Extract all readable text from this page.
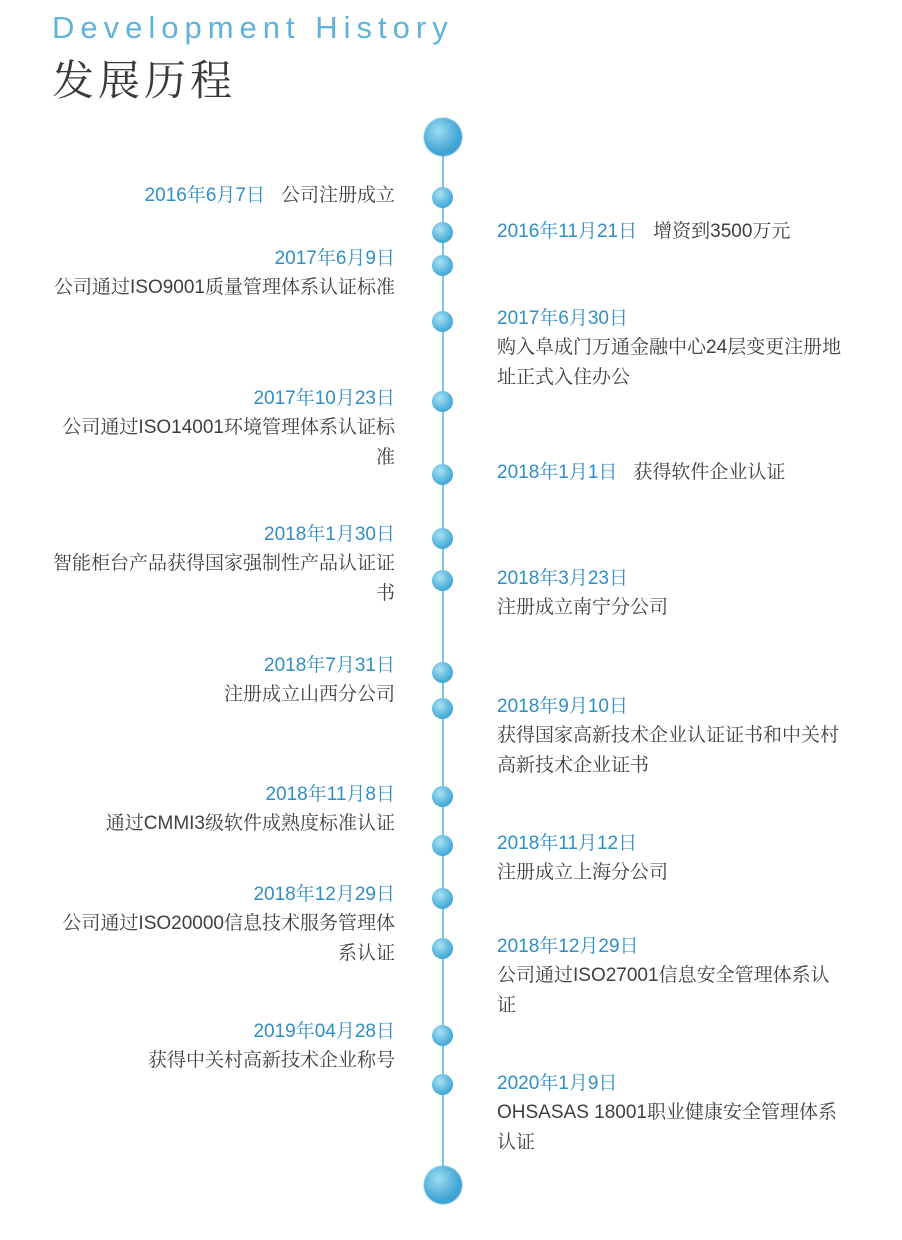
Development History
发展历程
2016年6月7日 公司注册成立
2017年6月9日
公司通过ISO9001质量管理体系认证标准
2017年10月23日
公司通过ISO14001环境管理体系认证标准
2018年1月30日
智能柜台产品获得国家强制性产品认证证书
2018年7月31日
注册成立山西分公司
2018年11月8日
通过CMMI3级软件成熟度标准认证
2018年12月29日
公司通过ISO20000信息技术服务管理体系认证
2019年04月28日
获得中关村高新技术企业称号
2016年11月21日 增资到3500万元
2017年6月30日
购入阜成门万通金融中心24层变更注册地址正式入住办公
2018年1月1日 获得软件企业认证
2018年3月23日
注册成立南宁分公司
2018年9月10日
获得国家高新技术企业认证证书和中关村高新技术企业证书
2018年11月12日
注册成立上海分公司
2018年12月29日
公司通过ISO27001信息安全管理体系认证
2020年1月9日
OHSASAS 18001职业健康安全管理体系认证
